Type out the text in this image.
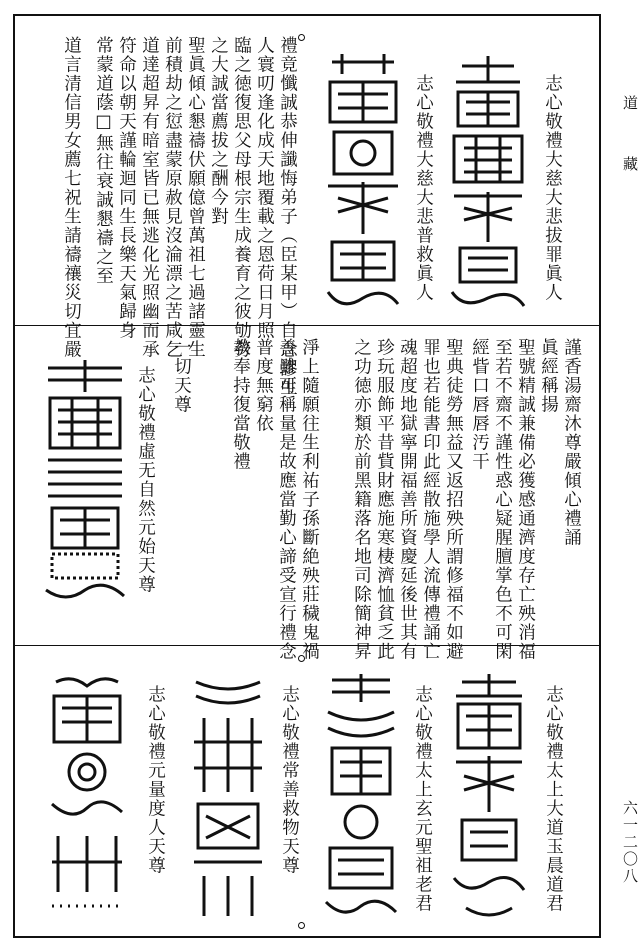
道藏
六一二〇八
志心敬禮大慈大悲拔罪眞人
志心敬禮大慈大悲普救眞人
禮竟懺誠恭伸讖悔弟子（臣某甲）自念謬生
人寰叨逢化成天地覆載之恩荷日月照
臨之徳復思父母根宗生成養育之彼劬勞
之大誠當薦拔之酬今對
聖眞傾心懇禱伏願億曾萬祖七過諸靈生
前積劫之愆盡蒙原赦見沒淪漂之苦咸乞
道達超昇有暗室皆已無逃化光照幽而承
符命以朝天謹輪迴同生長樂天氣歸身
常蒙道蔭□無往衰誠懇禱之至
道言清信男女薦七祝生請禱禳災切宜嚴
謹香湯齋沐尊嚴傾心禮誦
眞經稱揚
聖號精誠兼備必獲感通濟度存亡殃消福
至若不齋不謹性惑心疑腥膻掌色不可閑
經眥口唇唇汚干
聖典徒勞無益又返招殃所謂修福不如避
罪也若能書印此經散施學人流傳禮誦亡
魂超度地獄寧開福善所資慶延後世其有
珍玩服飾平昔貲財應施寒棲濟恤貧乏此
之功徳亦類於前黑籍落名地司除簡神昇
淨上隨願往生利祐子孫斷絶殃莊穢鬼禍
善雖可稱量是故應當勤心諦受宣行禮念
普度無窮依
教奉持復當敬禮
一切天尊
志心敬禮虛无自然元始天尊
志心敬禮太上大道玉晨道君
志心敬禮太上玄元聖祖老君
志心敬禮常善救物天尊
志心敬禮元量度人天尊
